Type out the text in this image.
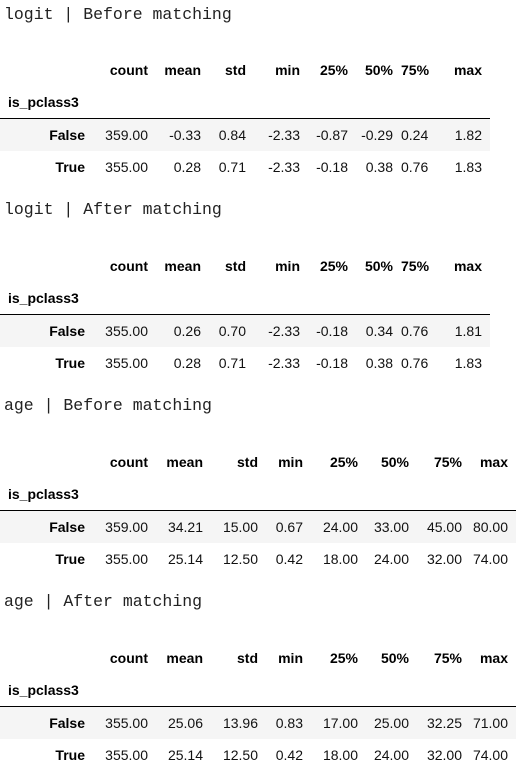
logit | Before matching
	count	mean	std	min	25%	50%	75%	max
is_pclass3								
False	359.00	-0.33	0.84	-2.33	-0.87	-0.29	0.24	1.82
True	355.00	0.28	0.71	-2.33	-0.18	0.38	0.76	1.83
logit | After matching
	count	mean	std	min	25%	50%	75%	max
is_pclass3								
False	355.00	0.26	0.70	-2.33	-0.18	0.34	0.76	1.81
True	355.00	0.28	0.71	-2.33	-0.18	0.38	0.76	1.83
age | Before matching
	count	mean	std	min	25%	50%	75%	max
is_pclass3								
False	359.00	34.21	15.00	0.67	24.00	33.00	45.00	80.00
True	355.00	25.14	12.50	0.42	18.00	24.00	32.00	74.00
age | After matching
	count	mean	std	min	25%	50%	75%	max
is_pclass3								
False	355.00	25.06	13.96	0.83	17.00	25.00	32.25	71.00
True	355.00	25.14	12.50	0.42	18.00	24.00	32.00	74.00
